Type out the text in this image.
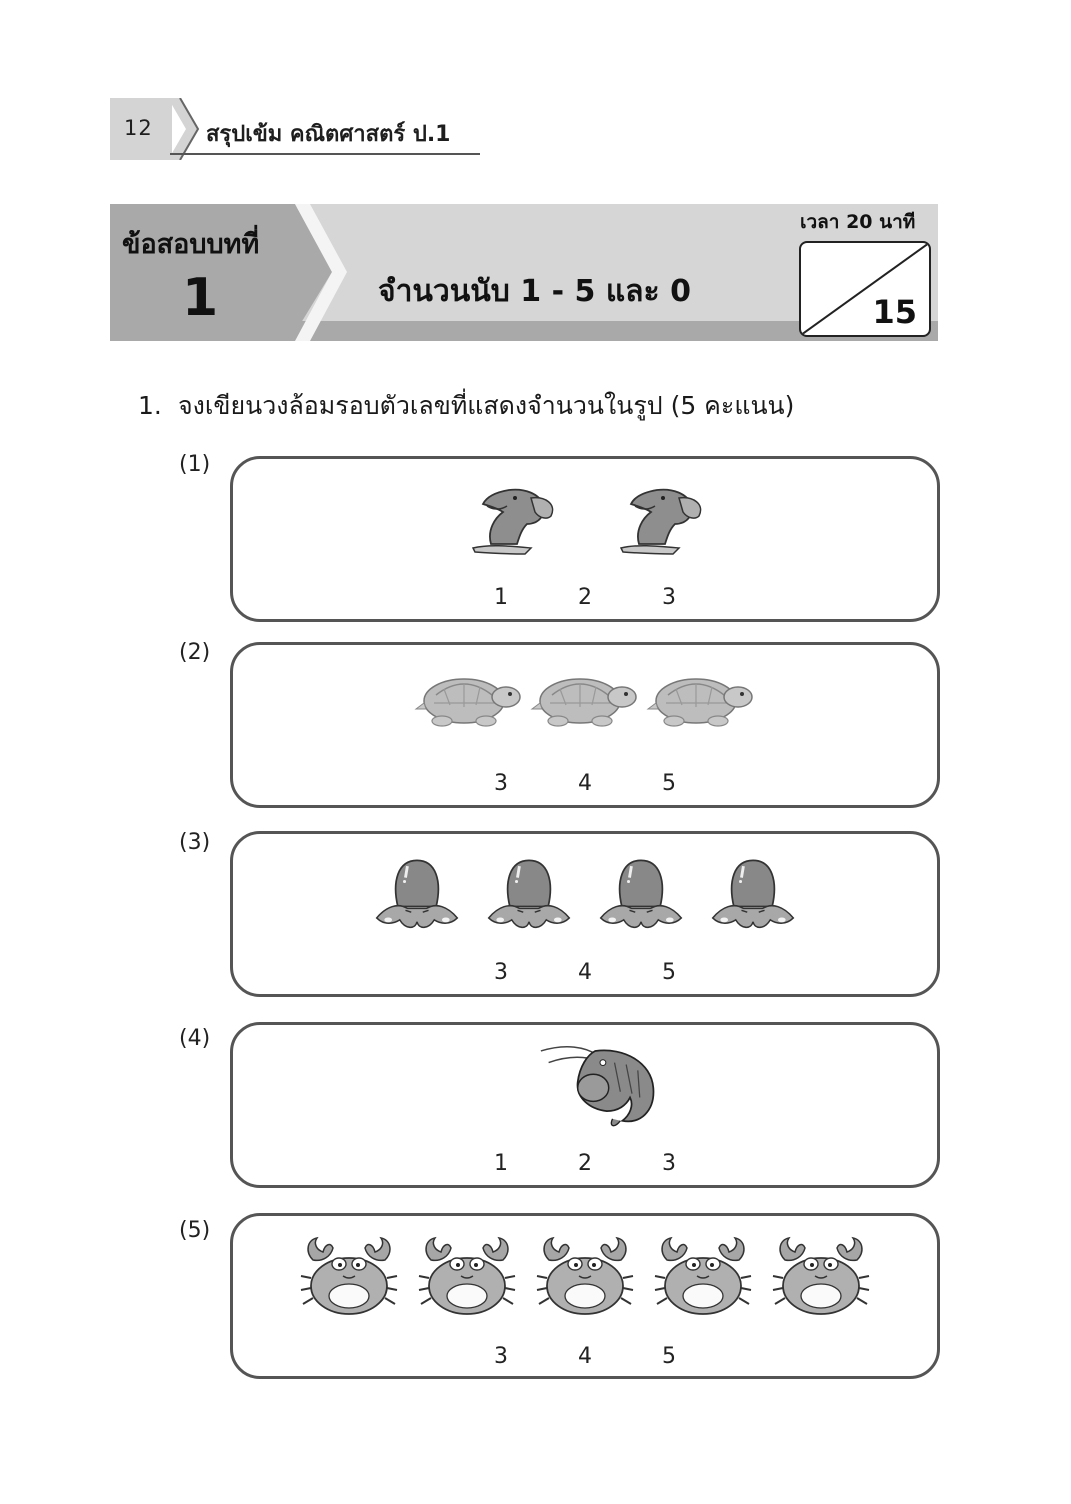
12 สรุปเข้ม คณิตศาสตร์ ป.1
ข้อสอบบทที่
1	จำนวนนับ 1 - 5 และ 0
เวลา 20 นาที
15
1. จงเขียนวงล้อมรอบตัวเลขที่แสดงจำนวนในรูป (5 คะแนน)
(1)
1	2	3
(2)
3	4	5
(3)
3	4	5
(4)
1	2	3
(5)
3	4	5
